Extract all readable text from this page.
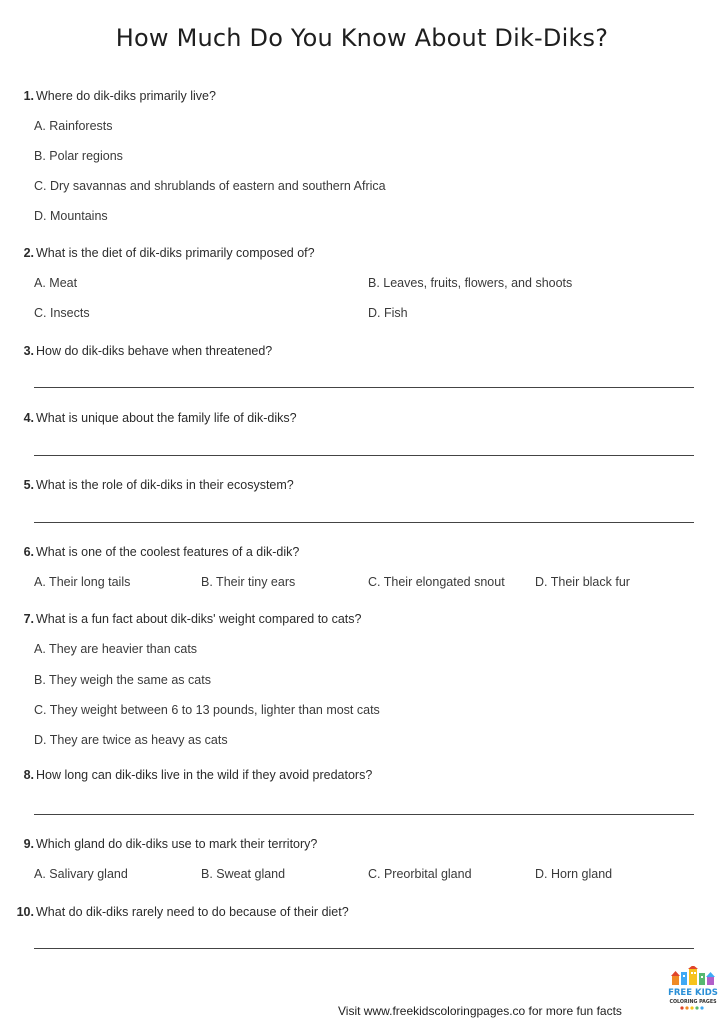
How Much Do You Know About Dik-Diks?
1. Where do dik-diks primarily live?
A. Rainforests
B. Polar regions
C. Dry savannas and shrublands of eastern and southern Africa
D. Mountains
2. What is the diet of dik-diks primarily composed of?
A. Meat	B. Leaves, fruits, flowers, and shoots
C. Insects	D. Fish
3. How do dik-diks behave when threatened?
4. What is unique about the family life of dik-diks?
5. What is the role of dik-diks in their ecosystem?
6. What is one of the coolest features of a dik-dik?
A. Their long tails	B. Their tiny ears	C. Their elongated snout D. Their black fur
7. What is a fun fact about dik-diks' weight compared to cats?
A. They are heavier than cats
B. They weigh the same as cats
C. They weight between 6 to 13 pounds, lighter than most cats
D. They are twice as heavy as cats
8. How long can dik-diks live in the wild if they avoid predators?
9. Which gland do dik-diks use to mark their territory?
A. Salivary gland	B. Sweat gland	C. Preorbital gland	D. Horn gland
10. What do dik-diks rarely need to do because of their diet?
Visit www.freekidscoloringpages.co for more fun facts
FREE KIDS
COLORING PAGES
